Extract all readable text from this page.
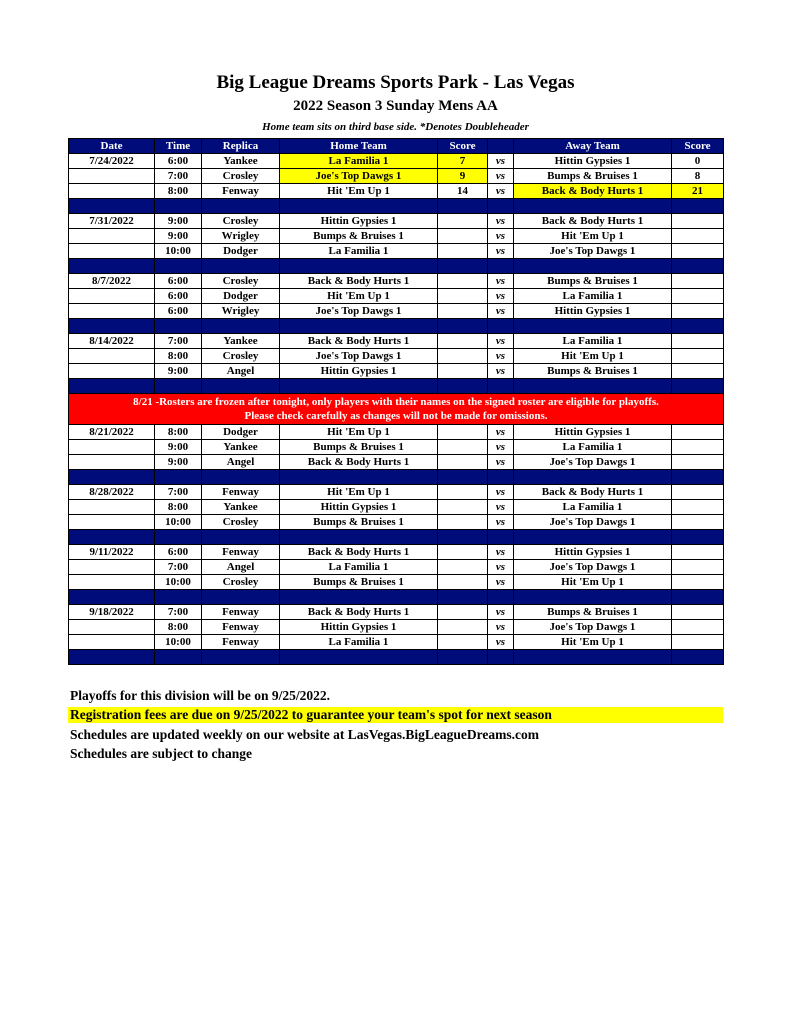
Big League Dreams Sports Park - Las Vegas
2022 Season 3 Sunday Mens AA
Home team sits on third base side. *Denotes Doubleheader
Date	Time	Replica	Home Team	Score		Away Team	Score
7/24/2022	6:00	Yankee	La Familia 1	7	vs	Hittin Gypsies 1	0
	7:00	Crosley	Joe's Top Dawgs 1	9	vs	Bumps & Bruises 1	8
	8:00	Fenway	Hit 'Em Up 1	14	vs	Back & Body Hurts 1	21

7/31/2022	9:00	Crosley	Hittin Gypsies 1		vs	Back & Body Hurts 1	
	9:00	Wrigley	Bumps & Bruises 1		vs	Hit 'Em Up 1	
	10:00	Dodger	La Familia 1		vs	Joe's Top Dawgs 1	

8/7/2022	6:00	Crosley	Back & Body Hurts 1		vs	Bumps & Bruises 1	
	6:00	Dodger	Hit 'Em Up 1		vs	La Familia 1	
	6:00	Wrigley	Joe's Top Dawgs 1		vs	Hittin Gypsies 1	

8/14/2022	7:00	Yankee	Back & Body Hurts 1		vs	La Familia 1	
	8:00	Crosley	Joe's Top Dawgs 1		vs	Hit 'Em Up 1	
	9:00	Angel	Hittin Gypsies 1		vs	Bumps & Bruises 1	

8/21 -Rosters are frozen after tonight, only players with their names on the signed roster are eligible for playoffs.
Please check carefully as changes will not be made for omissions.							

8/21/2022	8:00	Dodger	Hit 'Em Up 1		vs	Hittin Gypsies 1	
	9:00	Yankee	Bumps & Bruises 1		vs	La Familia 1	
	9:00	Angel	Back & Body Hurts 1		vs	Joe's Top Dawgs 1	

8/28/2022	7:00	Fenway	Hit 'Em Up 1		vs	Back & Body Hurts 1	
	8:00	Yankee	Hittin Gypsies 1		vs	La Familia 1	
	10:00	Crosley	Bumps & Bruises 1		vs	Joe's Top Dawgs 1	

9/11/2022	6:00	Fenway	Back & Body Hurts 1		vs	Hittin Gypsies 1	
	7:00	Angel	La Familia 1		vs	Joe's Top Dawgs 1	
	10:00	Crosley	Bumps & Bruises 1		vs	Hit 'Em Up 1	

9/18/2022	7:00	Fenway	Back & Body Hurts 1		vs	Bumps & Bruises 1	
	8:00	Fenway	Hittin Gypsies 1		vs	Joe's Top Dawgs 1	
	10:00	Fenway	La Familia 1		vs	Hit 'Em Up 1	

Playoffs for this division will be on 9/25/2022.
Registration fees are due on 9/25/2022 to guarantee your team's spot for next season
Schedules are updated weekly on our website at LasVegas.BigLeagueDreams.com
Schedules are subject to change
